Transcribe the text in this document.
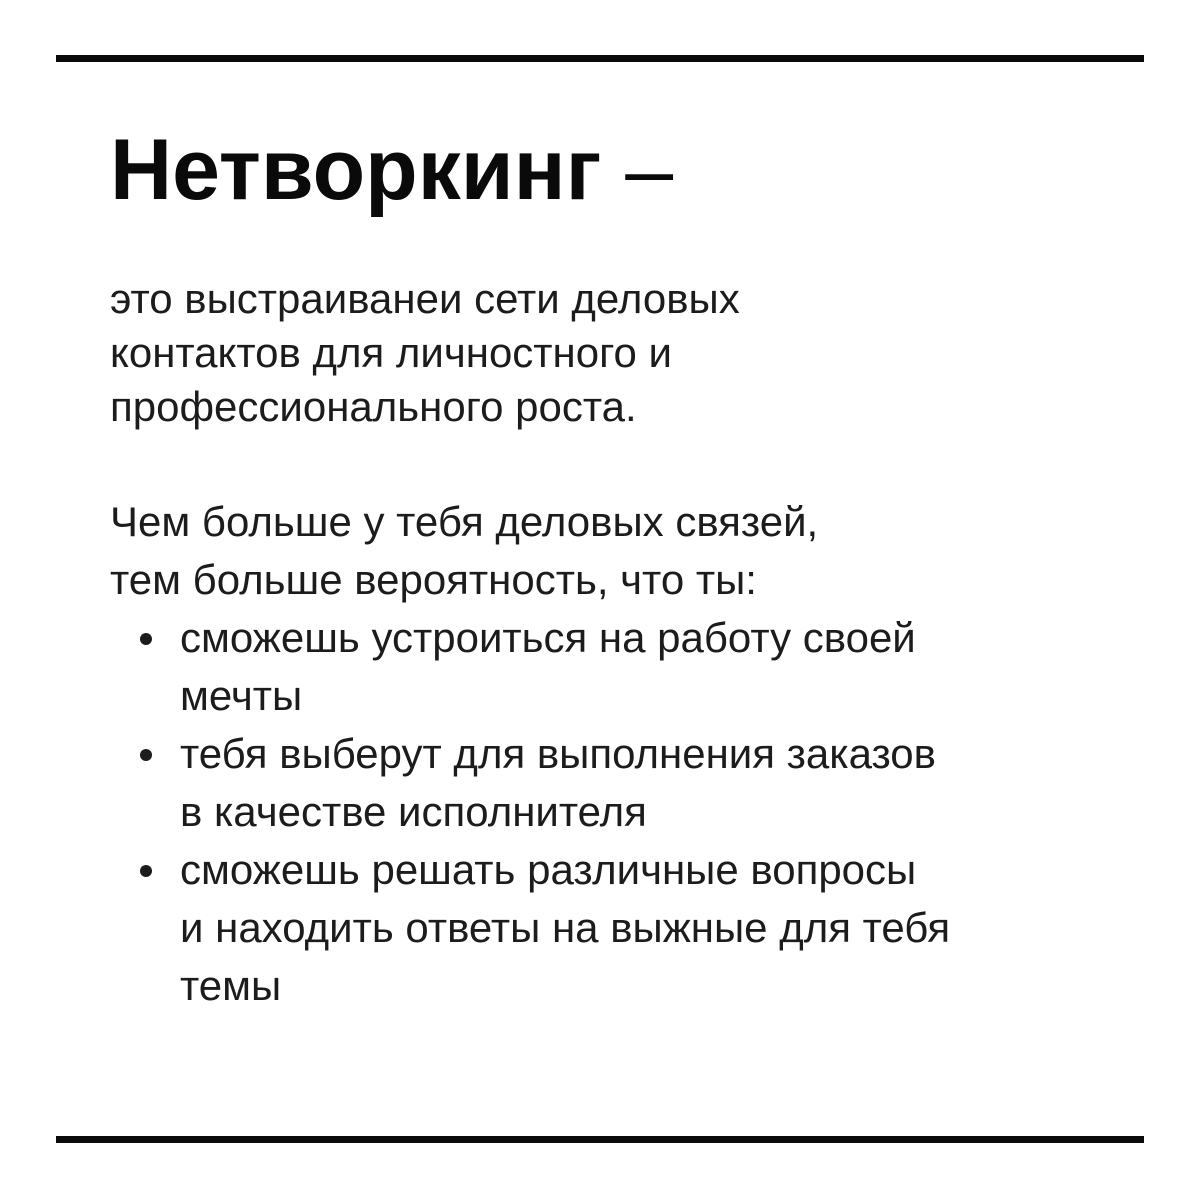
Нетворкинг –

это выстраиванеи сети деловых
контактов для личностного и
профессионального роста.

Чем больше у тебя деловых связей,
тем больше вероятность, что ты:

сможешь устроиться на работу своей
мечты
тебя выберут для выполнения заказов
в качестве исполнителя
сможешь решать различные вопросы
и находить ответы на выжные для тебя
темы
